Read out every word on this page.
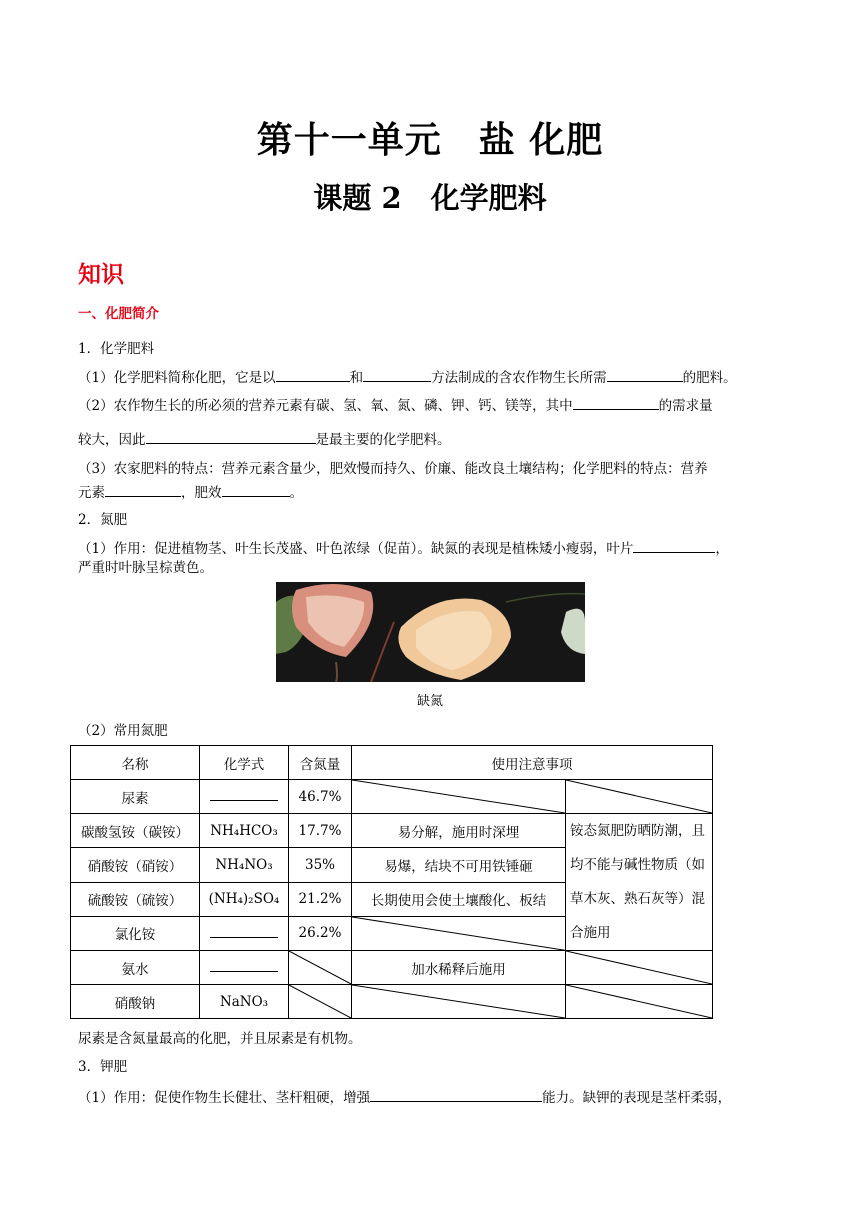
第十一单元　盐 化肥
课题 2　化学肥料
知识
一、化肥简介
1．化学肥料
（1）化学肥料简称化肥，它是以	和	方法制成的含农作物生长所需	的肥料。
（2）农作物生长的所必须的营养元素有碳、氢、氧、氮、磷、钾、钙、镁等，其中	的需求量
较大，因此	是最主要的化学肥料。
（3）农家肥料的特点：营养元素含量少，肥效慢而持久、价廉、能改良土壤结构；化学肥料的特点：营养
元素	，肥效	。
2．氮肥
（1）作用：促进植物茎、叶生长茂盛、叶色浓绿（促苗）。缺氮的表现是植株矮小瘦弱，叶片	，
严重时叶脉呈棕黄色。
缺氮
（2）常用氮肥
名称	化学式	含氮量	使用注意事项	
尿素		46.7%	

碳酸氢铵（碳铵）	NH₄HCO₃	17.7%	易分解，施用时深埋	铵态氮肥防晒防潮，且均不能与碱性物质（如草木灰、熟石灰等）混合施用
硝酸铵（硝铵）	NH₄NO₃	35%	易爆，结块不可用铁锤砸	
硫酸铵（硫铵）	(NH₄)₂SO₄	21.2%	长期使用会使土壤酸化、板结	
氯化铵		26.2%	

氨水			加水稀释后施用	

硝酸钠	NaNO₃	

尿素是含氮量最高的化肥，并且尿素是有机物。
3．钾肥
（1）作用：促使作物生长健壮、茎杆粗硬，增强	能力。缺钾的表现是茎杆柔弱，
